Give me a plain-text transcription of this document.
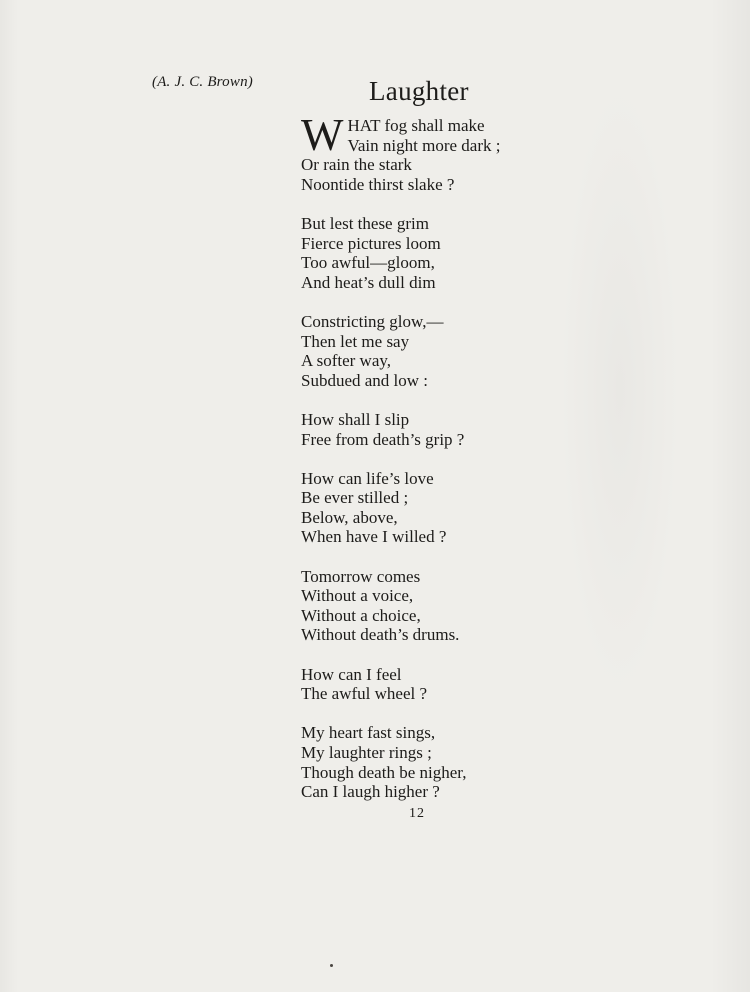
(A. J. C. Brown)	Laughter
W HAT fog shall make
Vain night more dark ;
Or rain the stark
Noontide thirst slake ?
But lest these grim
Fierce pictures loom
Too awful—gloom,
And heat’s dull dim
Constricting glow,—
Then let me say
A softer way,
Subdued and low :
How shall I slip
Free from death’s grip ?
How can life’s love
Be ever stilled ;
Below, above,
When have I willed ?
Tomorrow comes
Without a voice,
Without a choice,
Without death’s drums.
How can I feel
The awful wheel ?
My heart fast sings,
My laughter rings ;
Though death be nigher,
Can I laugh higher ?
12
